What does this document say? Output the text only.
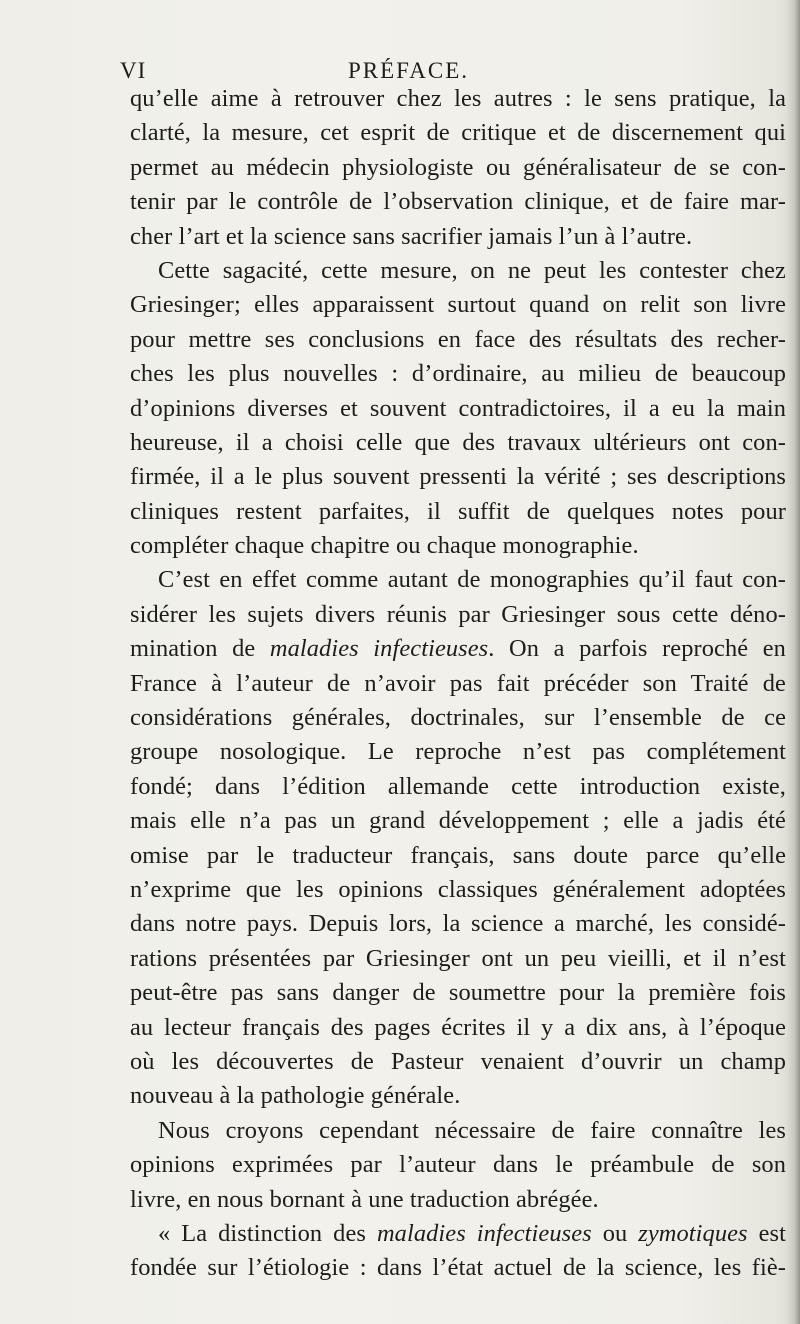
VI	PRÉFACE.
qu’elle aime à retrouver chez les autres : le sens pratique, la
clarté, la mesure, cet esprit de critique et de discernement qui
permet au médecin physiologiste ou généralisateur de se con-
tenir par le contrôle de l’observation clinique, et de faire mar-
cher l’art et la science sans sacrifier jamais l’un à l’autre.
Cette sagacité, cette mesure, on ne peut les contester chez
Griesinger; elles apparaissent surtout quand on relit son livre
pour mettre ses conclusions en face des résultats des recher-
ches les plus nouvelles : d’ordinaire, au milieu de beaucoup
d’opinions diverses et souvent contradictoires, il a eu la main
heureuse, il a choisi celle que des travaux ultérieurs ont con-
firmée, il a le plus souvent pressenti la vérité ; ses descriptions
cliniques restent parfaites, il suffit de quelques notes pour
compléter chaque chapitre ou chaque monographie.
C’est en effet comme autant de monographies qu’il faut con-
sidérer les sujets divers réunis par Griesinger sous cette déno-
mination de maladies infectieuses. On a parfois reproché en
France à l’auteur de n’avoir pas fait précéder son Traité de
considérations générales, doctrinales, sur l’ensemble de ce
groupe nosologique. Le reproche n’est pas complétement
fondé; dans l’édition allemande cette introduction existe,
mais elle n’a pas un grand développement ; elle a jadis été
omise par le traducteur français, sans doute parce qu’elle
n’exprime que les opinions classiques généralement adoptées
dans notre pays. Depuis lors, la science a marché, les considé-
rations présentées par Griesinger ont un peu vieilli, et il n’est
peut-être pas sans danger de soumettre pour la première fois
au lecteur français des pages écrites il y a dix ans, à l’époque
où les découvertes de Pasteur venaient d’ouvrir un champ
nouveau à la pathologie générale.
Nous croyons cependant nécessaire de faire connaître les
opinions exprimées par l’auteur dans le préambule de son
livre, en nous bornant à une traduction abrégée.
« La distinction des maladies infectieuses ou zymotiques est
fondée sur l’étiologie : dans l’état actuel de la science, les fiè-
